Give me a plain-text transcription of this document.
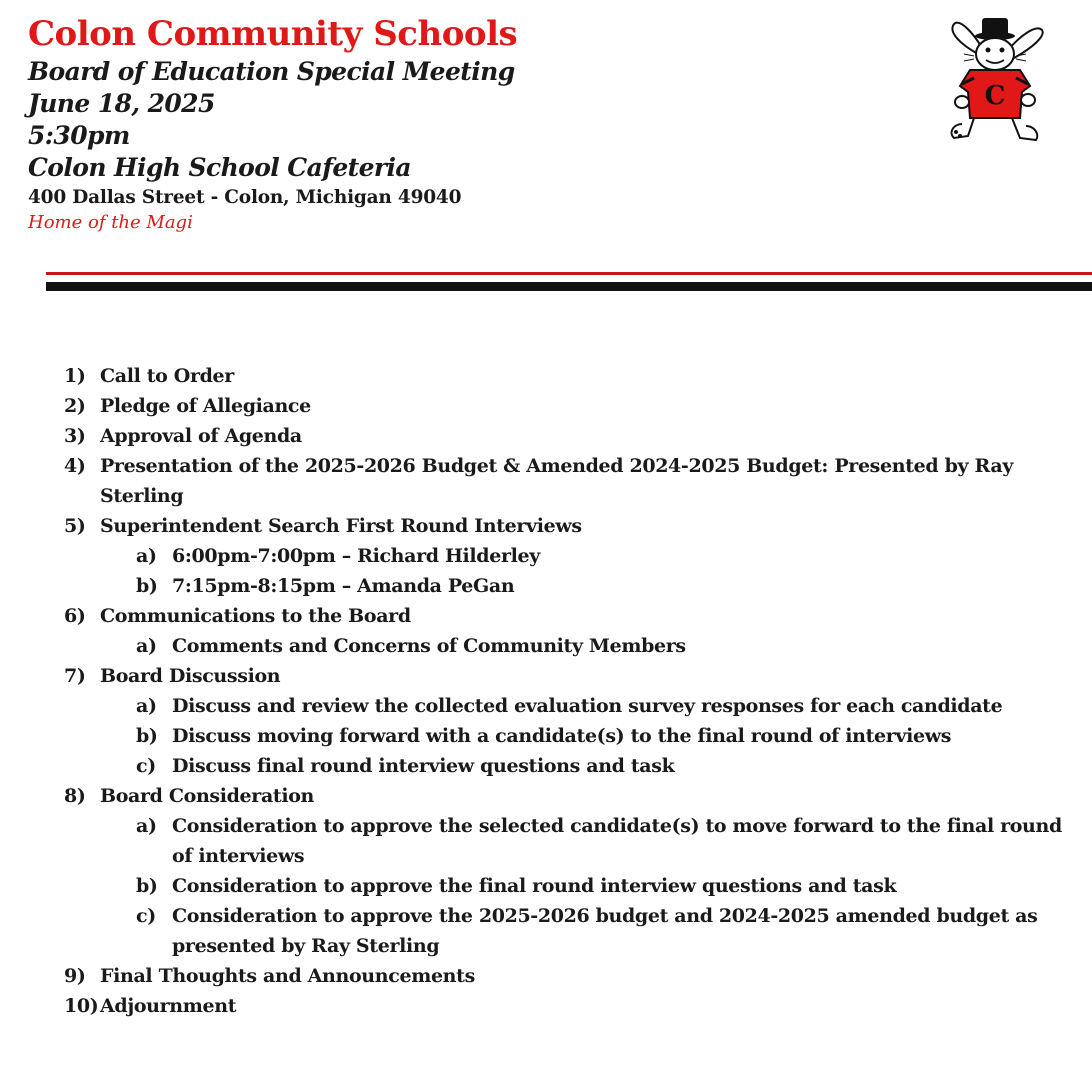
Colon Community Schools

Board of Education Special Meeting

June 18, 2025

5:30pm

Colon High School Cafeteria

400 Dallas Street - Colon, Michigan 49040

Home of the Magi

C
1) Call to Order
2) Pledge of Allegiance
3) Approval of Agenda
4) Presentation of the 2025-2026 Budget & Amended 2024-2025 Budget: Presented by Ray Sterling
5) Superintendent Search First Round Interviews
a) 6:00pm-7:00pm – Richard Hilderley
b) 7:15pm-8:15pm – Amanda PeGan
6) Communications to the Board
a) Comments and Concerns of Community Members
7) Board Discussion
a) Discuss and review the collected evaluation survey responses for each candidate
b) Discuss moving forward with a candidate(s) to the final round of interviews
c) Discuss final round interview questions and task
8) Board Consideration
a) Consideration to approve the selected candidate(s) to move forward to the final round of interviews
b) Consideration to approve the final round interview questions and task
c) Consideration to approve the 2025-2026 budget and 2024-2025 amended budget as presented by Ray Sterling
9) Final Thoughts and Announcements
10) Adjournment
